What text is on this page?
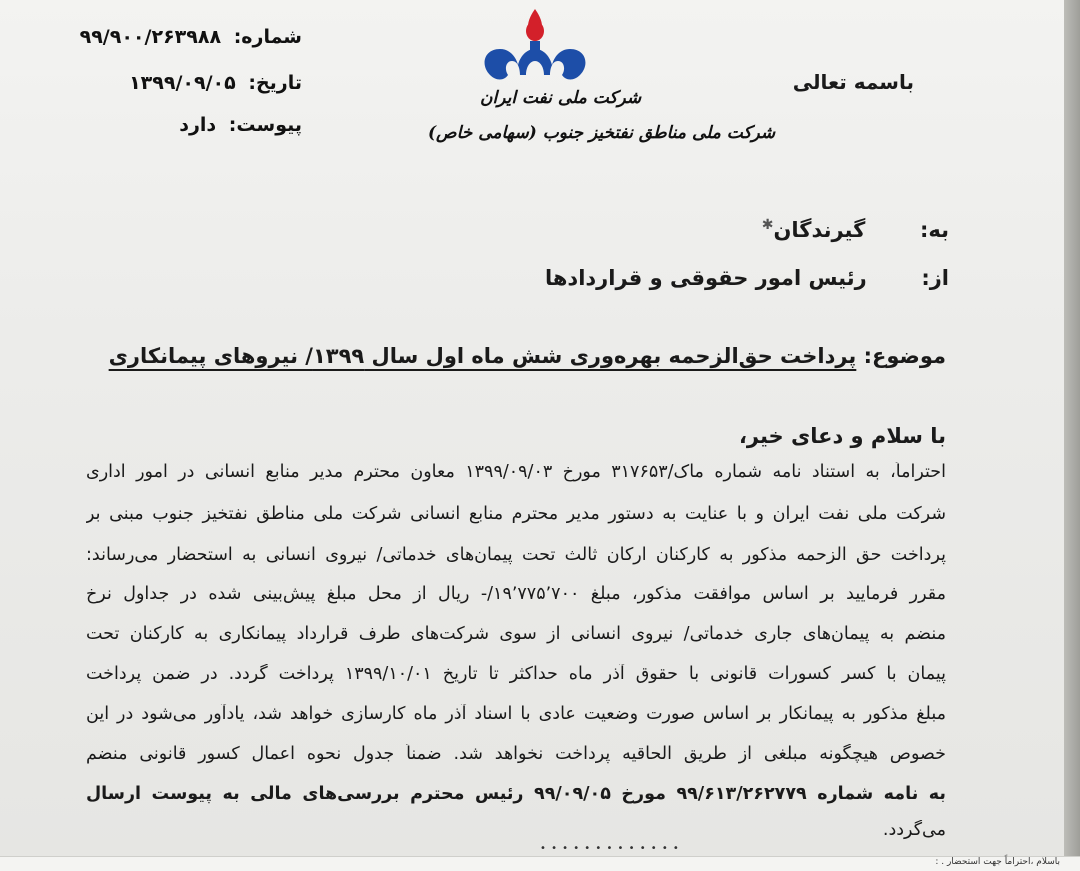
شماره: ۹۹/۹۰۰/۲۶۳۹۸۸
تاریخ: ۱۳۹۹/۰۹/۰۵
پیوست: دارد
شرکت ملی نفت ایران
شرکت ملی مناطق نفتخیز جنوب (سهامی خاص)
باسمه تعالی
به:  گیرندگان✱
از:  رئیس امور حقوقی و قراردادها
موضوع: پرداخت حق‌الزحمه بهره‌وری شش ماه اول سال ۱۳۹۹/ نیروهای پیمانکاری
با سلام و دعای خیر،
احتراماً، به استناد نامه شماره ماک/۳۱۷۶۵۳ مورخ ۱۳۹۹/۰۹/۰۳ معاون محترم مدیر منابع انسانی در امور اداری
شرکت ملی نفت ایران و با عنایت به دستور مدیر محترم منابع انسانی شرکت ملی مناطق نفتخیز جنوب مبنی بر
پرداخت حق الزحمه مذکور به کارکنان ارکان ثالث تحت پیمان‌های خدماتی/ نیروی انسانی به استحضار می‌رساند:
مقرر فرمایید بر اساس موافقت مذکور، مبلغ ۱۹٬۷۷۵٬۷۰۰/- ریال از محل مبلغ پیش‌بینی شده در جداول نرخ
منضم به پیمان‌های جاری خدماتی/ نیروی انسانی از سوی شرکت‌های طرف قرارداد پیمانکاری به کارکنان تحت
پیمان با کسر کسورات قانونی با حقوق آذر ماه حداکثر تا تاریخ ۱۳۹۹/۱۰/۰۱ پرداخت گردد. در ضمن پرداخت
مبلغ مذکور به پیمانکار بر اساس صورت وضعیت عادی با اسناد آذر ماه کارسازی خواهد شد، یادآور می‌شود در این
خصوص هیچگونه مبلغی از طریق الحاقیه پرداخت نخواهد شد. ضمناً جدول نحوه اعمال کسور قانونی منضم
به نامه شماره ۹۹/۶۱۳/۲۶۲۷۷۹ مورخ ۹۹/۰۹/۰۵ رئیس محترم بررسی‌های مالی به پیوست ارسال
می‌گردد.
• • • • • • • • • • • • •
باسلام ،احتراماً جهت استحضار . :
